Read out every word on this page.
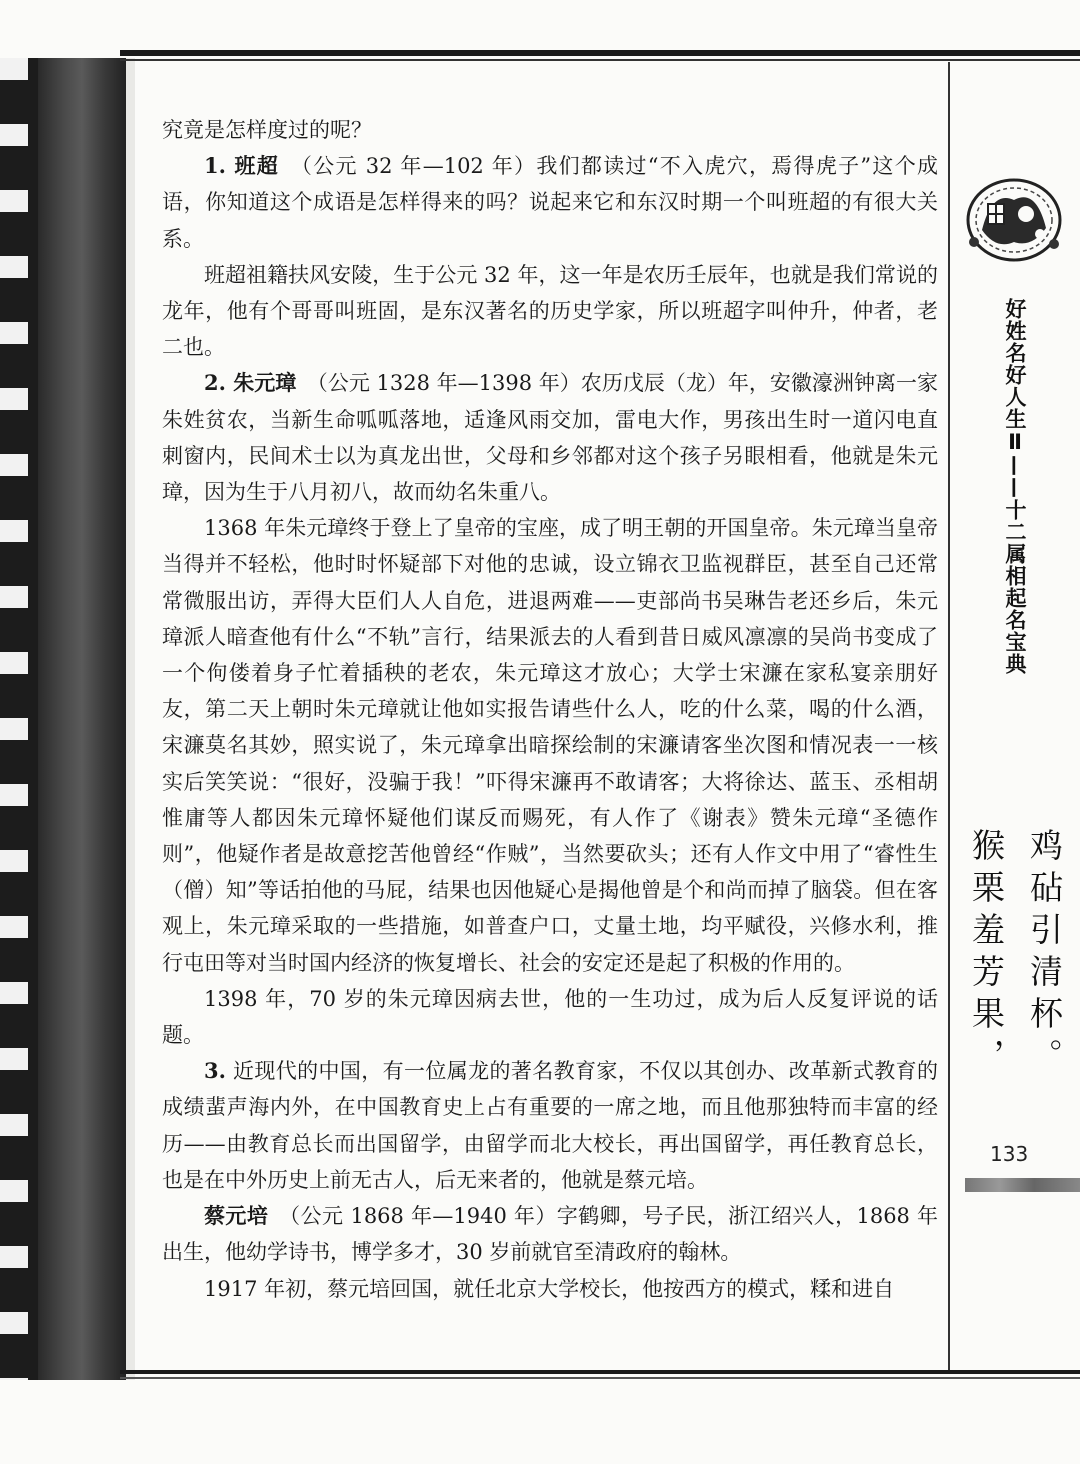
究竟是怎样度过的呢？

1. 班超　（公元 32 年—102 年）我们都读过“不入虎穴，焉得虎子”这个成语，你知道这个成语是怎样得来的吗？说起来它和东汉时期一个叫班超的有很大关系。

班超祖籍扶风安陵，生于公元 32 年，这一年是农历壬辰年，也就是我们常说的龙年，他有个哥哥叫班固，是东汉著名的历史学家，所以班超字叫仲升，仲者，老二也。

2. 朱元璋　（公元 1328 年—1398 年）农历戊辰（龙）年，安徽濠洲钟离一家朱姓贫农，当新生命呱呱落地，适逢风雨交加，雷电大作，男孩出生时一道闪电直刺窗内，民间术士以为真龙出世，父母和乡邻都对这个孩子另眼相看，他就是朱元璋，因为生于八月初八，故而幼名朱重八。

1368 年朱元璋终于登上了皇帝的宝座，成了明王朝的开国皇帝。朱元璋当皇帝当得并不轻松，他时时怀疑部下对他的忠诚，设立锦衣卫监视群臣，甚至自己还常常微服出访，弄得大臣们人人自危，进退两难——吏部尚书吴琳告老还乡后，朱元璋派人暗查他有什么“不轨”言行，结果派去的人看到昔日威风凛凛的吴尚书变成了一个佝偻着身子忙着插秧的老农，朱元璋这才放心；大学士宋濂在家私宴亲朋好友，第二天上朝时朱元璋就让他如实报告请些什么人，吃的什么菜，喝的什么酒，宋濂莫名其妙，照实说了，朱元璋拿出暗探绘制的宋濂请客坐次图和情况表一一核实后笑笑说：“很好，没骗于我！”吓得宋濂再不敢请客；大将徐达、蓝玉、丞相胡惟庸等人都因朱元璋怀疑他们谋反而赐死，有人作了《谢表》赞朱元璋“圣德作则”，他疑作者是故意挖苦他曾经“作贼”，当然要砍头；还有人作文中用了“睿性生（僧）知”等话拍他的马屁，结果也因他疑心是揭他曾是个和尚而掉了脑袋。但在客观上，朱元璋采取的一些措施，如普查户口，丈量土地，均平赋役，兴修水利，推行屯田等对当时国内经济的恢复增长、社会的安定还是起了积极的作用的。

1398 年，70 岁的朱元璋因病去世，他的一生功过，成为后人反复评说的话题。

3. 近现代的中国，有一位属龙的著名教育家，不仅以其创办、改革新式教育的成绩蜚声海内外，在中国教育史上占有重要的一席之地，而且他那独特而丰富的经历——由教育总长而出国留学，由留学而北大校长，再出国留学，再任教育总长，也是在中外历史上前无古人，后无来者的，他就是蔡元培。

蔡元培　（公元 1868 年—1940 年）字鹤卿，号子民，浙江绍兴人，1868 年出生，他幼学诗书，博学多才，30 岁前就官至清政府的翰林。

1917 年初，蔡元培回国，就任北京大学校长，他按西方的模式，糅和进自

好姓名好人生Ⅱ——十二属相起名宝典
鸡砧引清杯。
猴栗羞芳果，
133
